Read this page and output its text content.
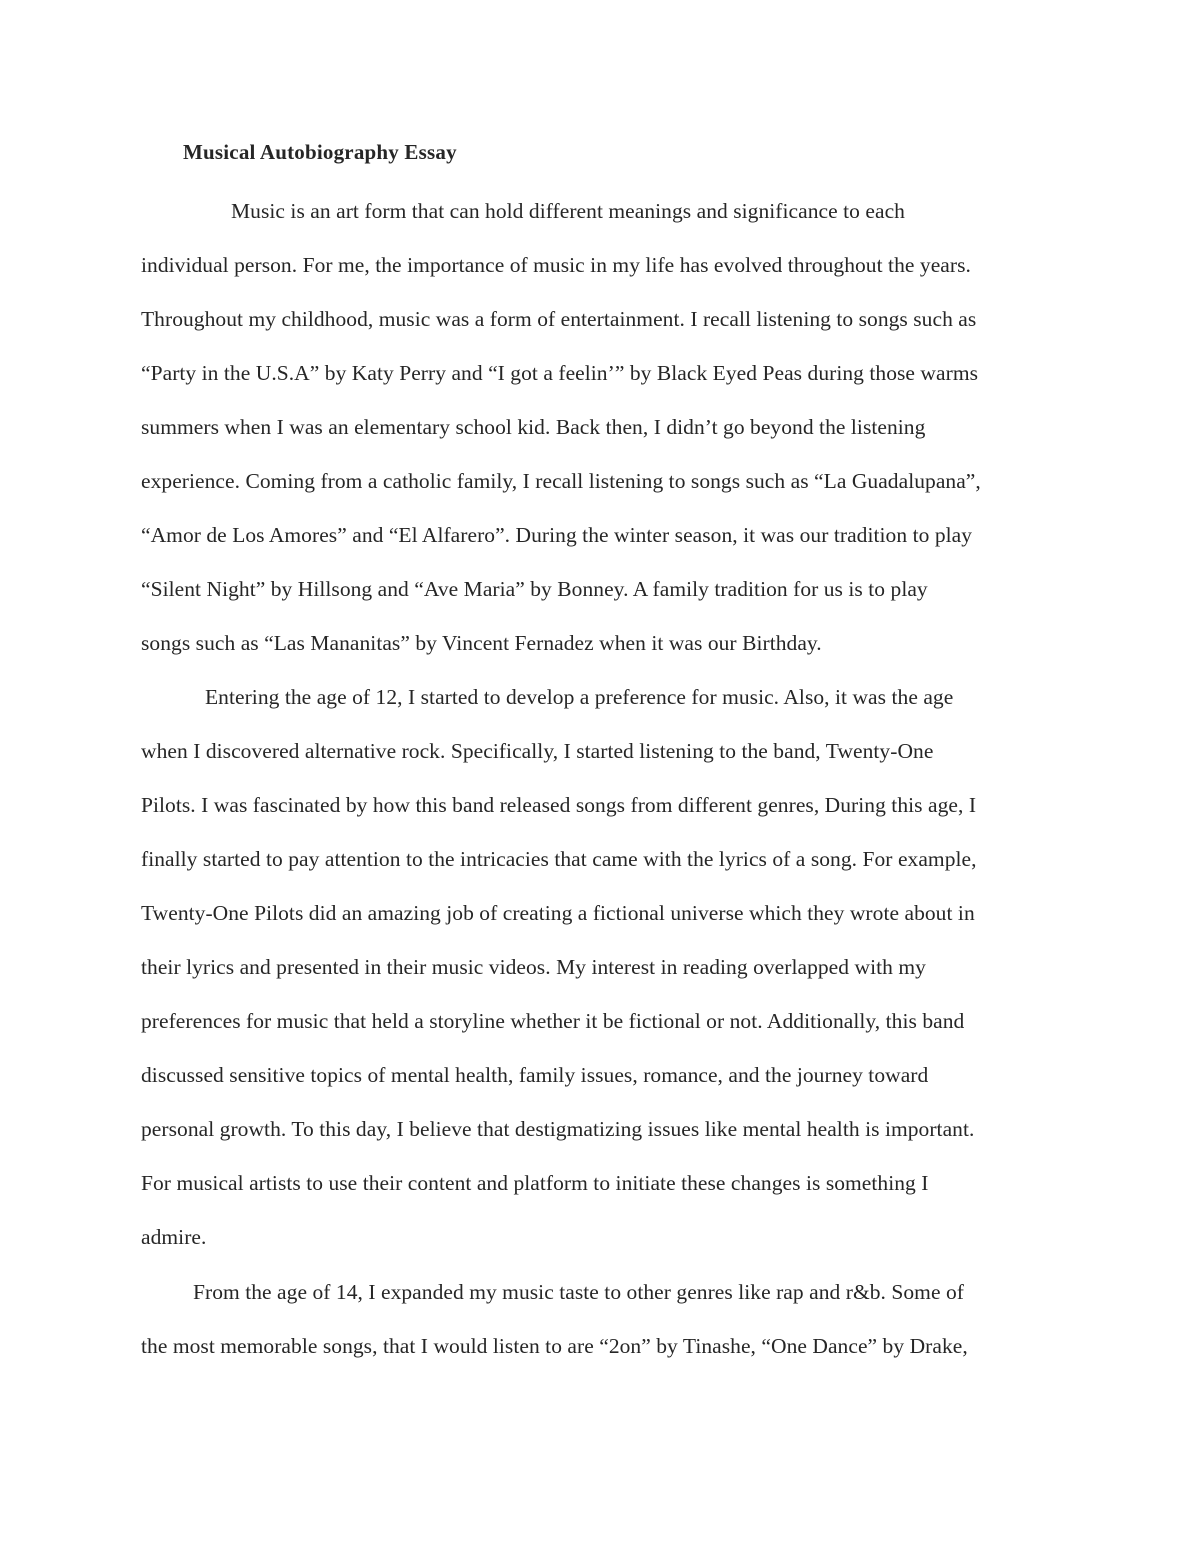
Musical Autobiography Essay
Music is an art form that can hold different meanings and significance to each
individual person. For me, the importance of music in my life has evolved throughout the years.
Throughout my childhood, music was a form of entertainment. I recall listening to songs such as
“Party in the U.S.A” by Katy Perry and “I got a feelin’” by Black Eyed Peas during those warms
summers when I was an elementary school kid. Back then, I didn’t go beyond the listening
experience. Coming from a catholic family, I recall listening to songs such as “La Guadalupana”,
“Amor de Los Amores” and “El Alfarero”. During the winter season, it was our tradition to play
“Silent Night” by Hillsong and “Ave Maria” by Bonney. A family tradition for us is to play
songs such as “Las Mananitas” by Vincent Fernadez when it was our Birthday.
Entering the age of 12, I started to develop a preference for music. Also, it was the age
when I discovered alternative rock. Specifically, I started listening to the band, Twenty-One
Pilots. I was fascinated by how this band released songs from different genres, During this age, I
finally started to pay attention to the intricacies that came with the lyrics of a song. For example,
Twenty-One Pilots did an amazing job of creating a fictional universe which they wrote about in
their lyrics and presented in their music videos. My interest in reading overlapped with my
preferences for music that held a storyline whether it be fictional or not. Additionally, this band
discussed sensitive topics of mental health, family issues, romance, and the journey toward
personal growth. To this day, I believe that destigmatizing issues like mental health is important.
For musical artists to use their content and platform to initiate these changes is something I
admire.
From the age of 14, I expanded my music taste to other genres like rap and r&b. Some of
the most memorable songs, that I would listen to are “2on” by Tinashe, “One Dance” by Drake,
